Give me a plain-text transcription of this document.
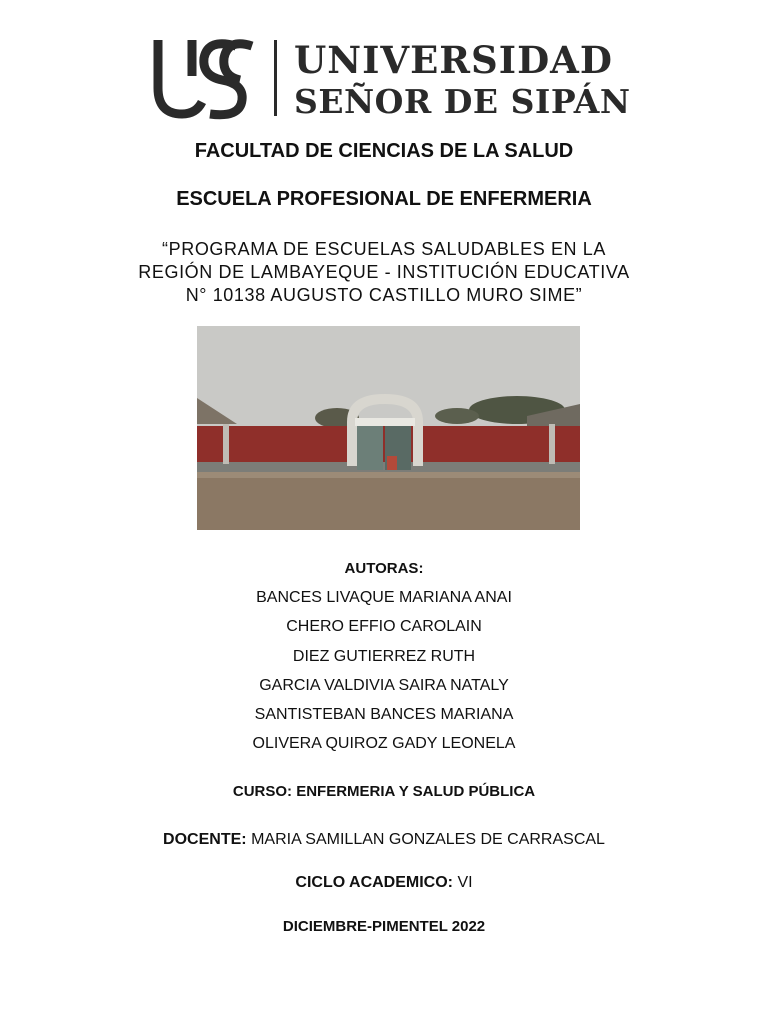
UNIVERSIDAD
SEÑOR DE SIPÁN
FACULTAD DE CIENCIAS DE LA SALUD
ESCUELA PROFESIONAL DE ENFERMERIA
“PROGRAMA DE ESCUELAS SALUDABLES EN LA
REGIÓN DE LAMBAYEQUE - INSTITUCIÓN EDUCATIVA
N° 10138 AUGUSTO CASTILLO MURO SIME”
AUTORAS:
BANCES LIVAQUE MARIANA ANAI
CHERO EFFIO CAROLAIN
DIEZ GUTIERREZ RUTH
GARCIA VALDIVIA SAIRA NATALY
SANTISTEBAN BANCES MARIANA
OLIVERA QUIROZ GADY LEONELA
CURSO: ENFERMERIA Y SALUD PÚBLICA
DOCENTE: MARIA SAMILLAN GONZALES DE CARRASCAL
CICLO ACADEMICO: VI
DICIEMBRE-PIMENTEL 2022
